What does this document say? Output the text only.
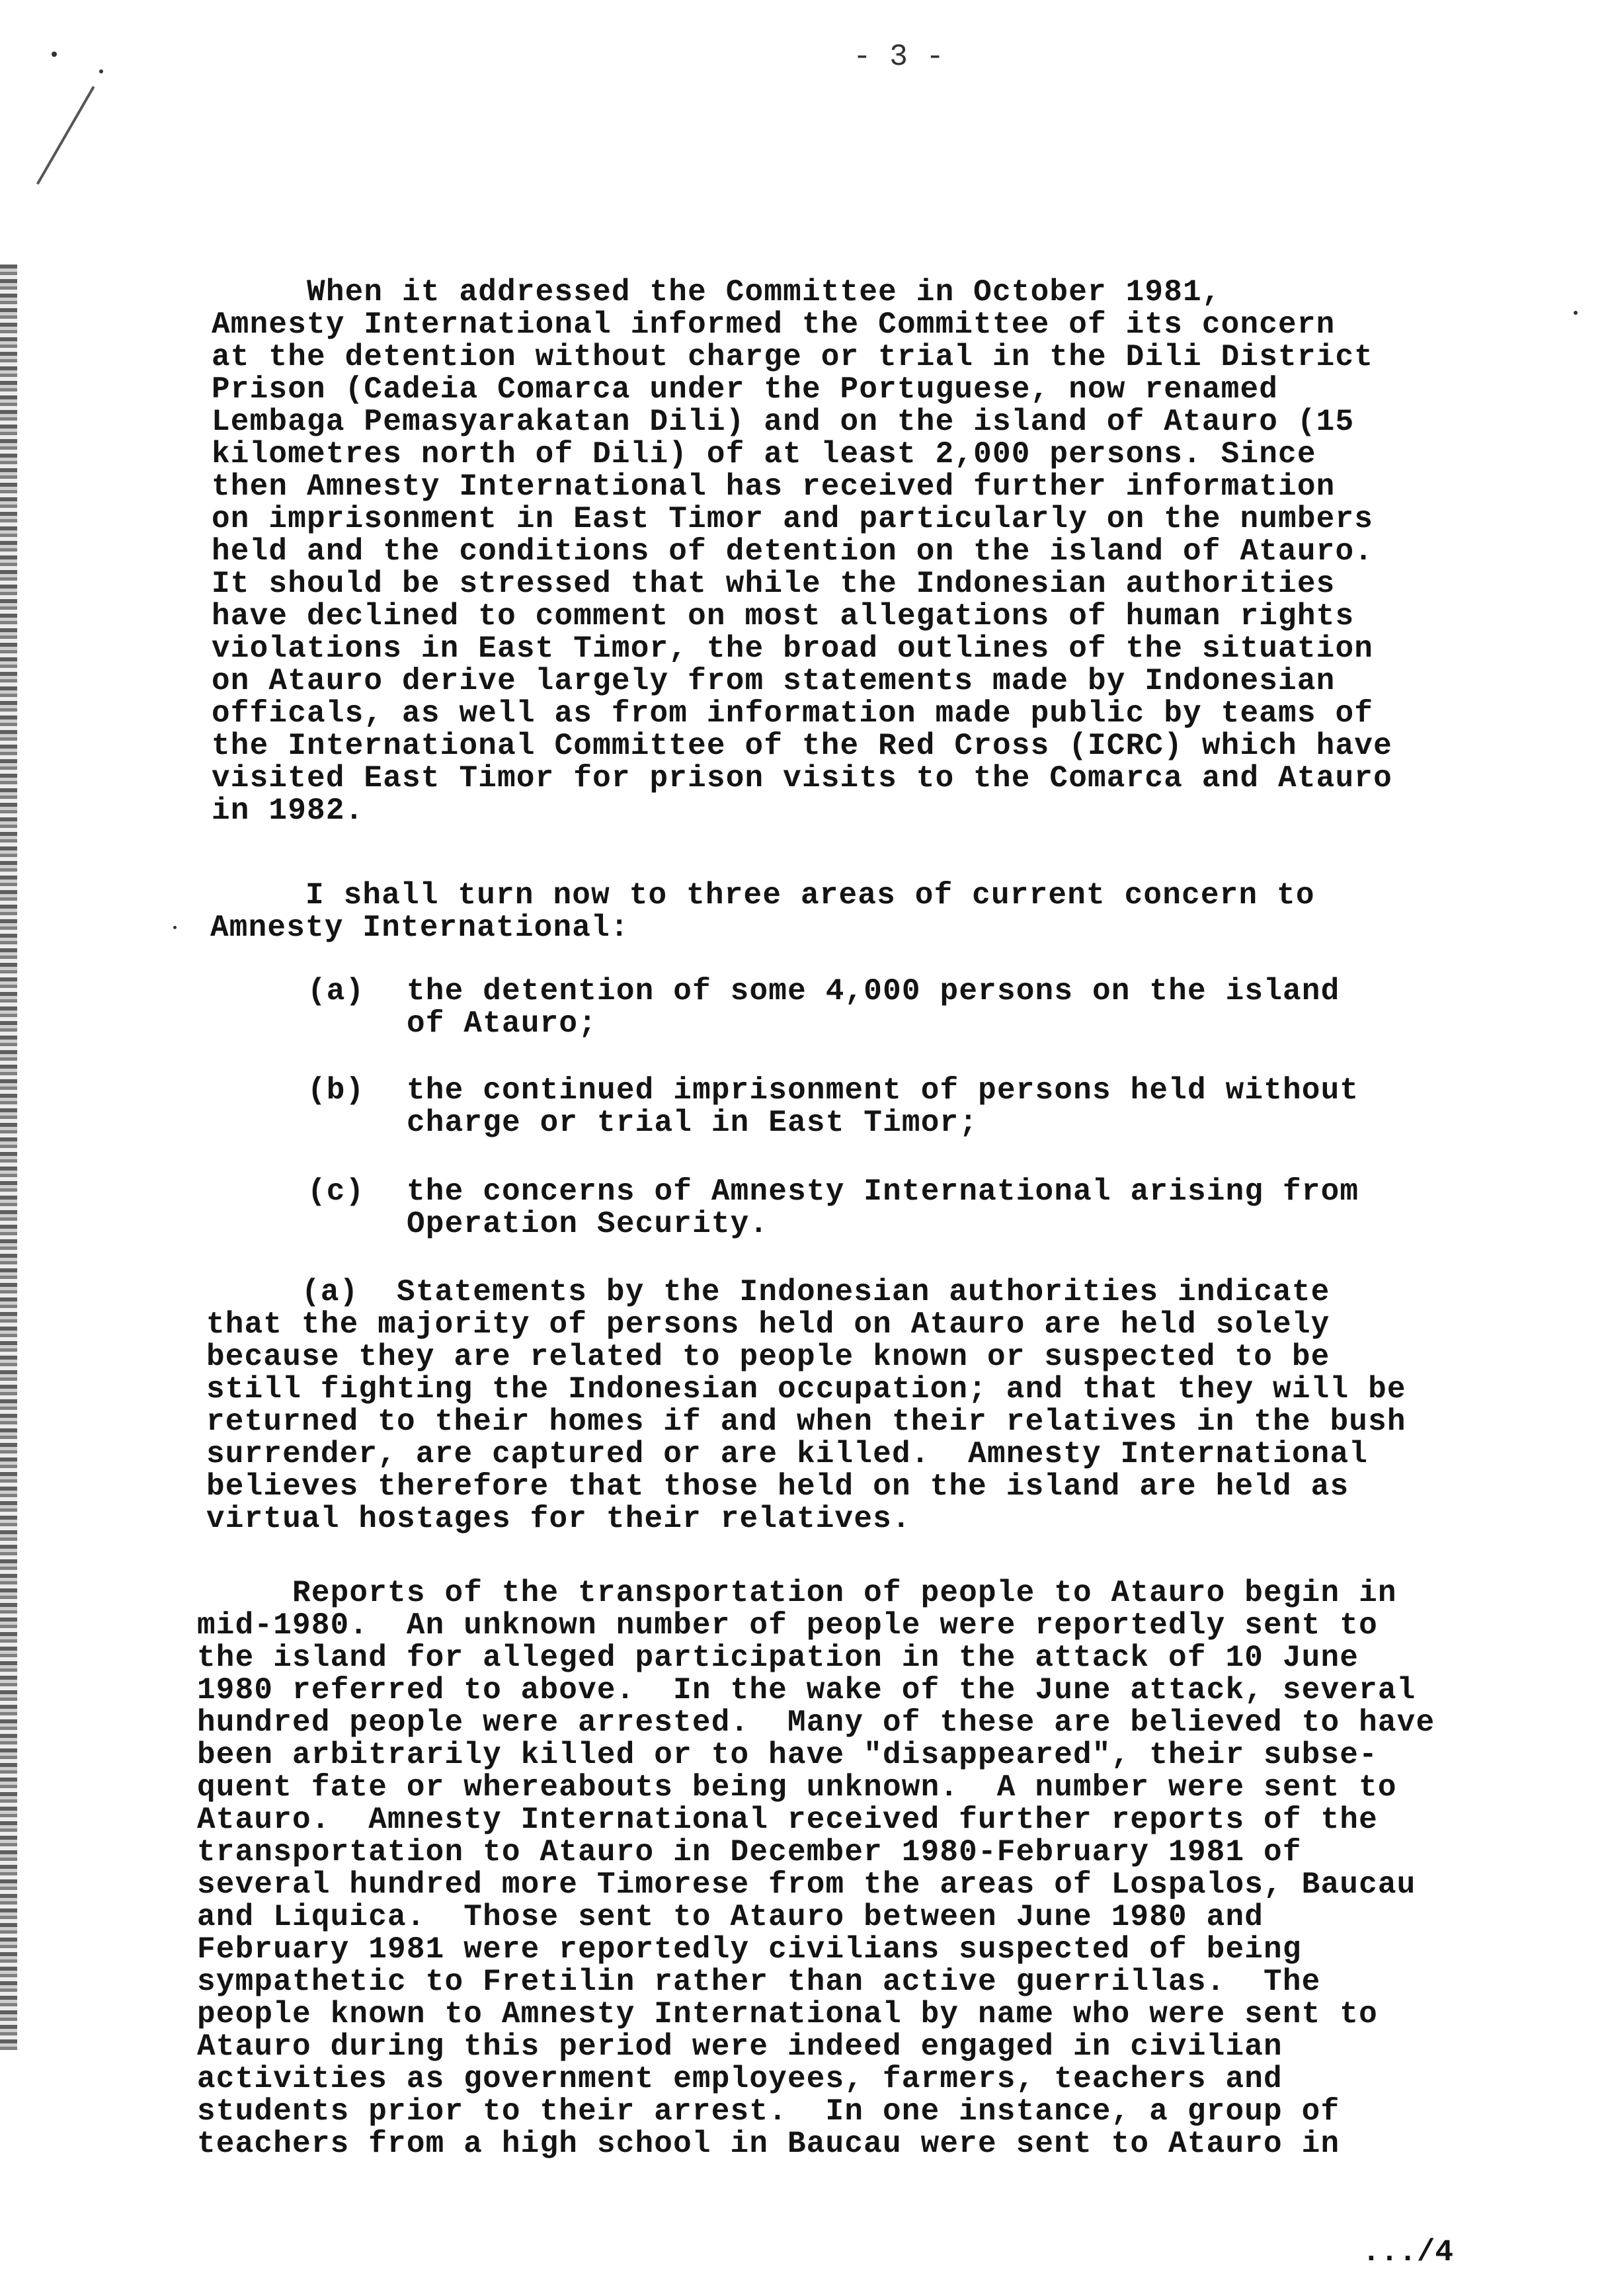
- 3 -
When it addressed the Committee in October 1981,
Amnesty International informed the Committee of its concern
at the detention without charge or trial in the Dili District
Prison (Cadeia Comarca under the Portuguese, now renamed
Lembaga Pemasyarakatan Dili) and on the island of Atauro (15
kilometres north of Dili) of at least 2,000 persons. Since
then Amnesty International has received further information
on imprisonment in East Timor and particularly on the numbers
held and the conditions of detention on the island of Atauro.
It should be stressed that while the Indonesian authorities
have declined to comment on most allegations of human rights
violations in East Timor, the broad outlines of the situation
on Atauro derive largely from statements made by Indonesian
officals, as well as from information made public by teams of
the International Committee of the Red Cross (ICRC) which have
visited East Timor for prison visits to the Comarca and Atauro
in 1982.
I shall turn now to three areas of current concern to
Amnesty International:

(a)

the detention of some 4,000 persons on the island
of Atauro;

(b)

the continued imprisonment of persons held without
charge or trial in East Timor;

(c)

the concerns of Amnesty International arising from
Operation Security.

(a)  Statements by the Indonesian authorities indicate
that the majority of persons held on Atauro are held solely
because they are related to people known or suspected to be
still fighting the Indonesian occupation; and that they will be
returned to their homes if and when their relatives in the bush
surrender, are captured or are killed.  Amnesty International
believes therefore that those held on the island are held as
virtual hostages for their relatives.
Reports of the transportation of people to Atauro begin in
mid-1980.  An unknown number of people were reportedly sent to
the island for alleged participation in the attack of 10 June
1980 referred to above.  In the wake of the June attack, several
hundred people were arrested.  Many of these are believed to have
been arbitrarily killed or to have "disappeared", their subse-
quent fate or whereabouts being unknown.  A number were sent to
Atauro.  Amnesty International received further reports of the
transportation to Atauro in December 1980-February 1981 of
several hundred more Timorese from the areas of Lospalos, Baucau
and Liquica.  Those sent to Atauro between June 1980 and
February 1981 were reportedly civilians suspected of being
sympathetic to Fretilin rather than active guerrillas.  The
people known to Amnesty International by name who were sent to
Atauro during this period were indeed engaged in civilian
activities as government employees, farmers, teachers and
students prior to their arrest.  In one instance, a group of
teachers from a high school in Baucau were sent to Atauro in
.../4
